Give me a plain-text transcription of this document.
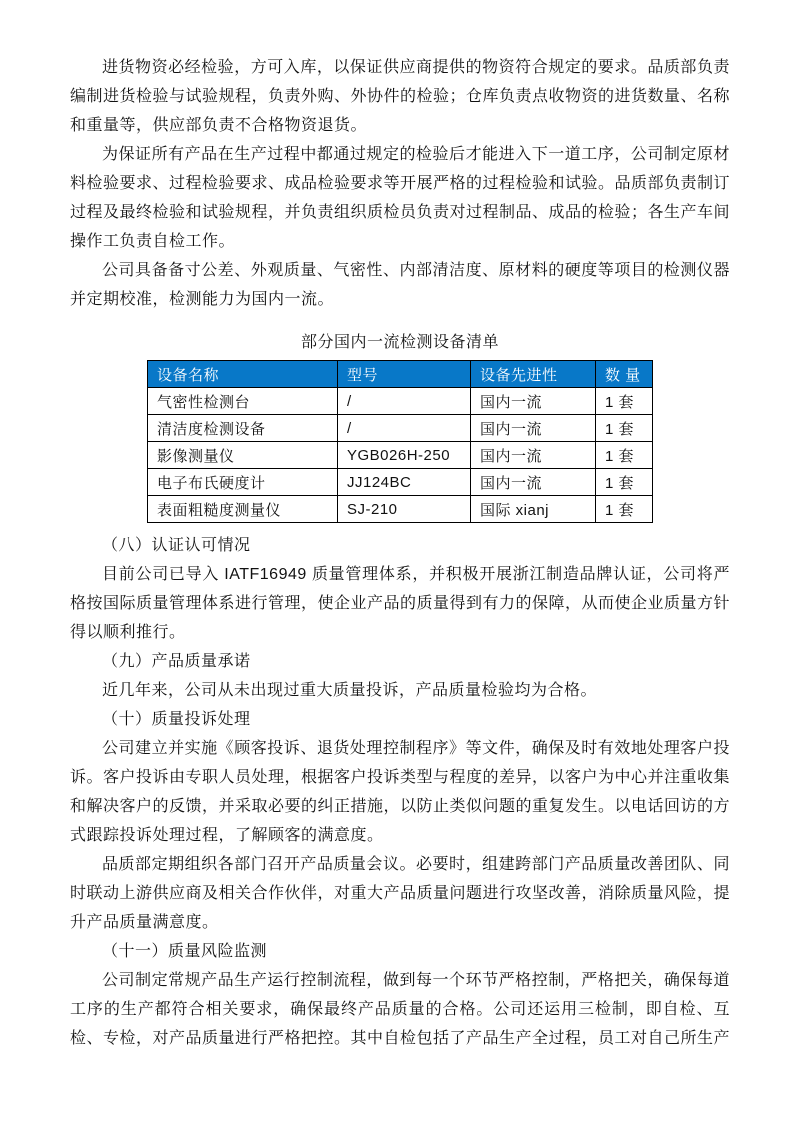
进货物资必经检验，方可入库，以保证供应商提供的物资符合规定的要求。品质部负责编制进货检验与试验规程，负责外购、外协件的检验；仓库负责点收物资的进货数量、名称和重量等，供应部负责不合格物资退货。

为保证所有产品在生产过程中都通过规定的检验后才能进入下一道工序，公司制定原材料检验要求、过程检验要求、成品检验要求等开展严格的过程检验和试验。品质部负责制订过程及最终检验和试验规程，并负责组织质检员负责对过程制品、成品的检验；各生产车间操作工负责自检工作。

公司具备备寸公差、外观质量、气密性、内部清洁度、原材料的硬度等项目的检测仪器并定期校准，检测能力为国内一流。

部分国内一流检测设备清单

设备名称	型号	设备先进性	数 量
气密性检测台	/	国内一流	1 套
清洁度检测设备	/	国内一流	1 套
影像测量仪	YGB026H-250	国内一流	1 套
电子布氏硬度计	JJ124BC	国内一流	1 套
表面粗糙度测量仪	SJ-210	国际 xianj	1 套

（八）认证认可情况

目前公司已导入 IATF16949 质量管理体系，并积极开展浙江制造品牌认证，公司将严格按国际质量管理体系进行管理，使企业产品的质量得到有力的保障，从而使企业质量方针得以顺利推行。

（九）产品质量承诺

近几年来，公司从未出现过重大质量投诉，产品质量检验均为合格。

（十）质量投诉处理

公司建立并实施《顾客投诉、退货处理控制程序》等文件，确保及时有效地处理客户投诉。客户投诉由专职人员处理，根据客户投诉类型与程度的差异，以客户为中心并注重收集和解决客户的反馈，并采取必要的纠正措施，以防止类似问题的重复发生。以电话回访的方式跟踪投诉处理过程，了解顾客的满意度。

品质部定期组织各部门召开产品质量会议。必要时，组建跨部门产品质量改善团队、同时联动上游供应商及相关合作伙伴，对重大产品质量问题进行攻坚改善，消除质量风险，提升产品质量满意度。

（十一）质量风险监测

公司制定常规产品生产运行控制流程，做到每一个环节严格控制，严格把关，确保每道工序的生产都符合相关要求，确保最终产品质量的合格。公司还运用三检制，即自检、互检、专检，对产品质量进行严格把控。其中自检包括了产品生产全过程，员工对自己所生产
